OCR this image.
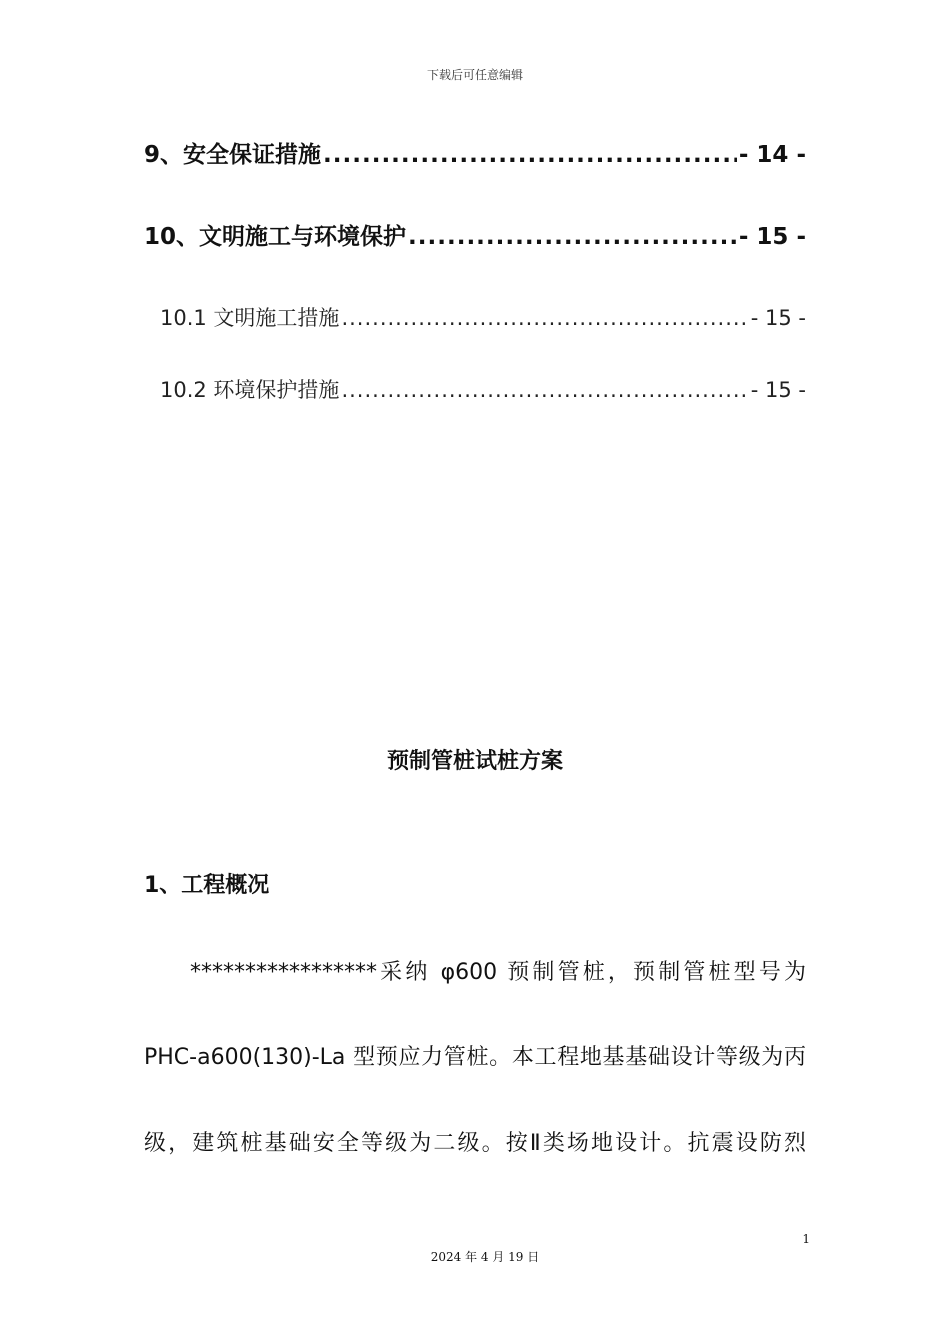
下载后可任意编辑
9、安全保证措施 .....	- 14 -
10、文明施工与环境保护 .....	- 15 -
10.1 文明施工措施 .....	- 15 -
10.2 环境保护措施 .....	- 15 -
预制管桩试桩方案
1、工程概况
*****************采纳 φ600 预制管桩，预制管桩型号为
PHC-a600(130)-La 型预应力管桩。本工程地基基础设计等级为丙
级，建筑桩基础安全等级为二级。按Ⅱ类场地设计。抗震设防烈
1
2024 年 4 月 19 日
